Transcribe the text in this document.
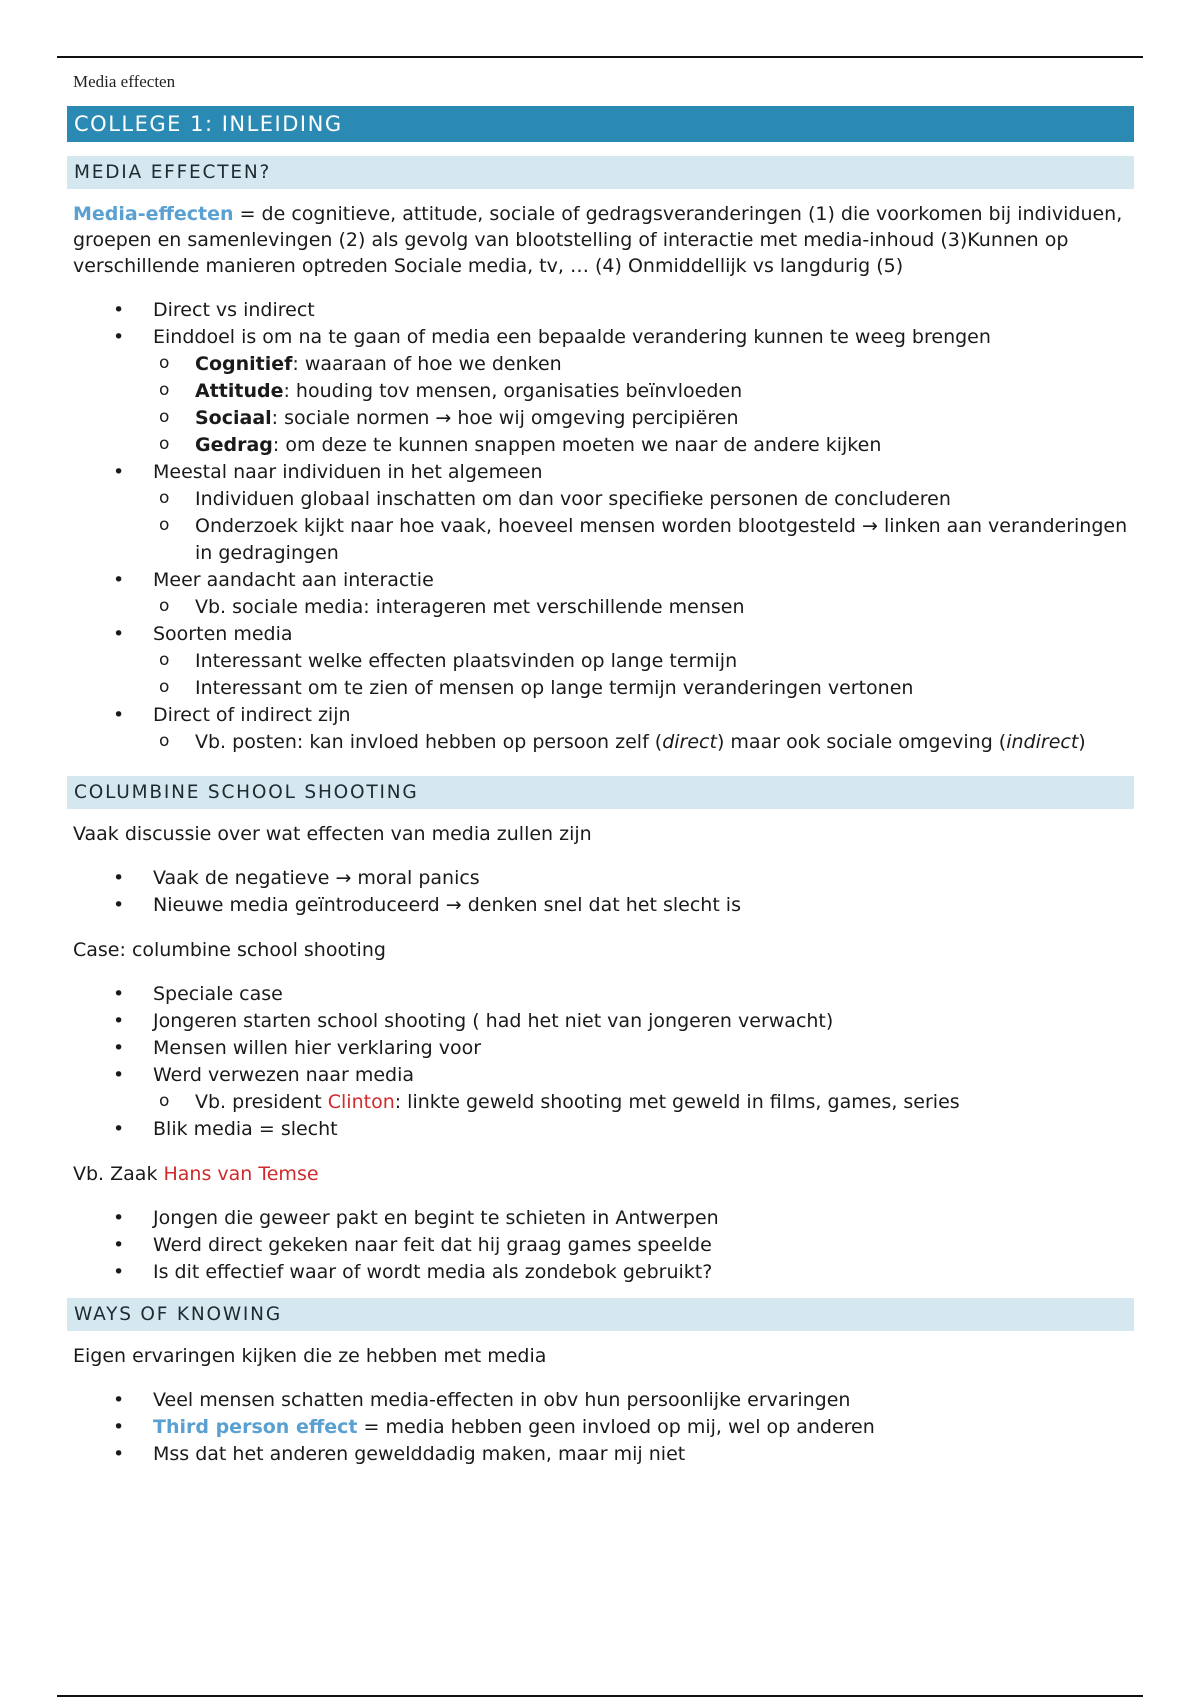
Media effecten
COLLEGE 1: INLEIDING
MEDIA EFFECTEN?

Media-effecten = de cognitieve, attitude, sociale of gedragsveranderingen (1) die voorkomen bij individuen, groepen en samenlevingen (2) als gevolg van blootstelling of interactie met media-inhoud (3)Kunnen op verschillende manieren optreden Sociale media, tv, … (4) Onmiddellijk vs langdurig (5)

• Direct vs indirect
• Einddoel is om na te gaan of media een bepaalde verandering kunnen te weeg brengen
o Cognitief: waaraan of hoe we denken
o Attitude: houding tov mensen, organisaties beïnvloeden
o Sociaal: sociale normen → hoe wij omgeving percipiëren
o Gedrag: om deze te kunnen snappen moeten we naar de andere kijken
• Meestal naar individuen in het algemeen
o Individuen globaal inschatten om dan voor specifieke personen de concluderen
o Onderzoek kijkt naar hoe vaak, hoeveel mensen worden blootgesteld → linken aan veranderingen in gedragingen
• Meer aandacht aan interactie
o Vb. sociale media: interageren met verschillende mensen
• Soorten media
o Interessant welke effecten plaatsvinden op lange termijn
o Interessant om te zien of mensen op lange termijn veranderingen vertonen
• Direct of indirect zijn
o Vb. posten: kan invloed hebben op persoon zelf (direct) maar ook sociale omgeving (indirect)
COLUMBINE SCHOOL SHOOTING

Vaak discussie over wat effecten van media zullen zijn

• Vaak de negatieve → moral panics
• Nieuwe media geïntroduceerd → denken snel dat het slecht is

Case: columbine school shooting

• Speciale case
• Jongeren starten school shooting ( had het niet van jongeren verwacht)
• Mensen willen hier verklaring voor
• Werd verwezen naar media
o Vb. president Clinton: linkte geweld shooting met geweld in films, games, series
• Blik media = slecht

Vb. Zaak Hans van Temse

• Jongen die geweer pakt en begint te schieten in Antwerpen
• Werd direct gekeken naar feit dat hij graag games speelde
• Is dit effectief waar of wordt media als zondebok gebruikt?
WAYS OF KNOWING

Eigen ervaringen kijken die ze hebben met media

• Veel mensen schatten media-effecten in obv hun persoonlijke ervaringen
• Third person effect = media hebben geen invloed op mij, wel op anderen
• Mss dat het anderen gewelddadig maken, maar mij niet
